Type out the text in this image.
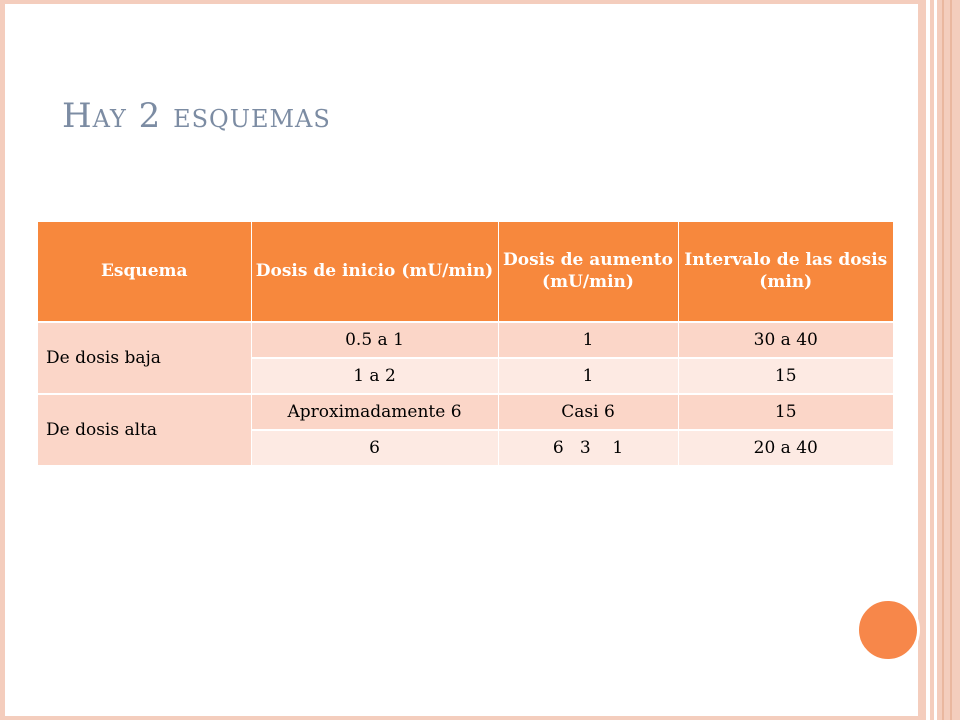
Hay 2 esquemas
Esquema	Dosis de inicio (mU/min)	Dosis de aumento (mU/min)	Intervalo de las dosis (min)
De dosis baja	0.5 a 1	1	30 a 40
	1 a 2	1	15
De dosis alta	Aproximadamente 6	Casi 6	15
	6	6   3    1	20 a 40
